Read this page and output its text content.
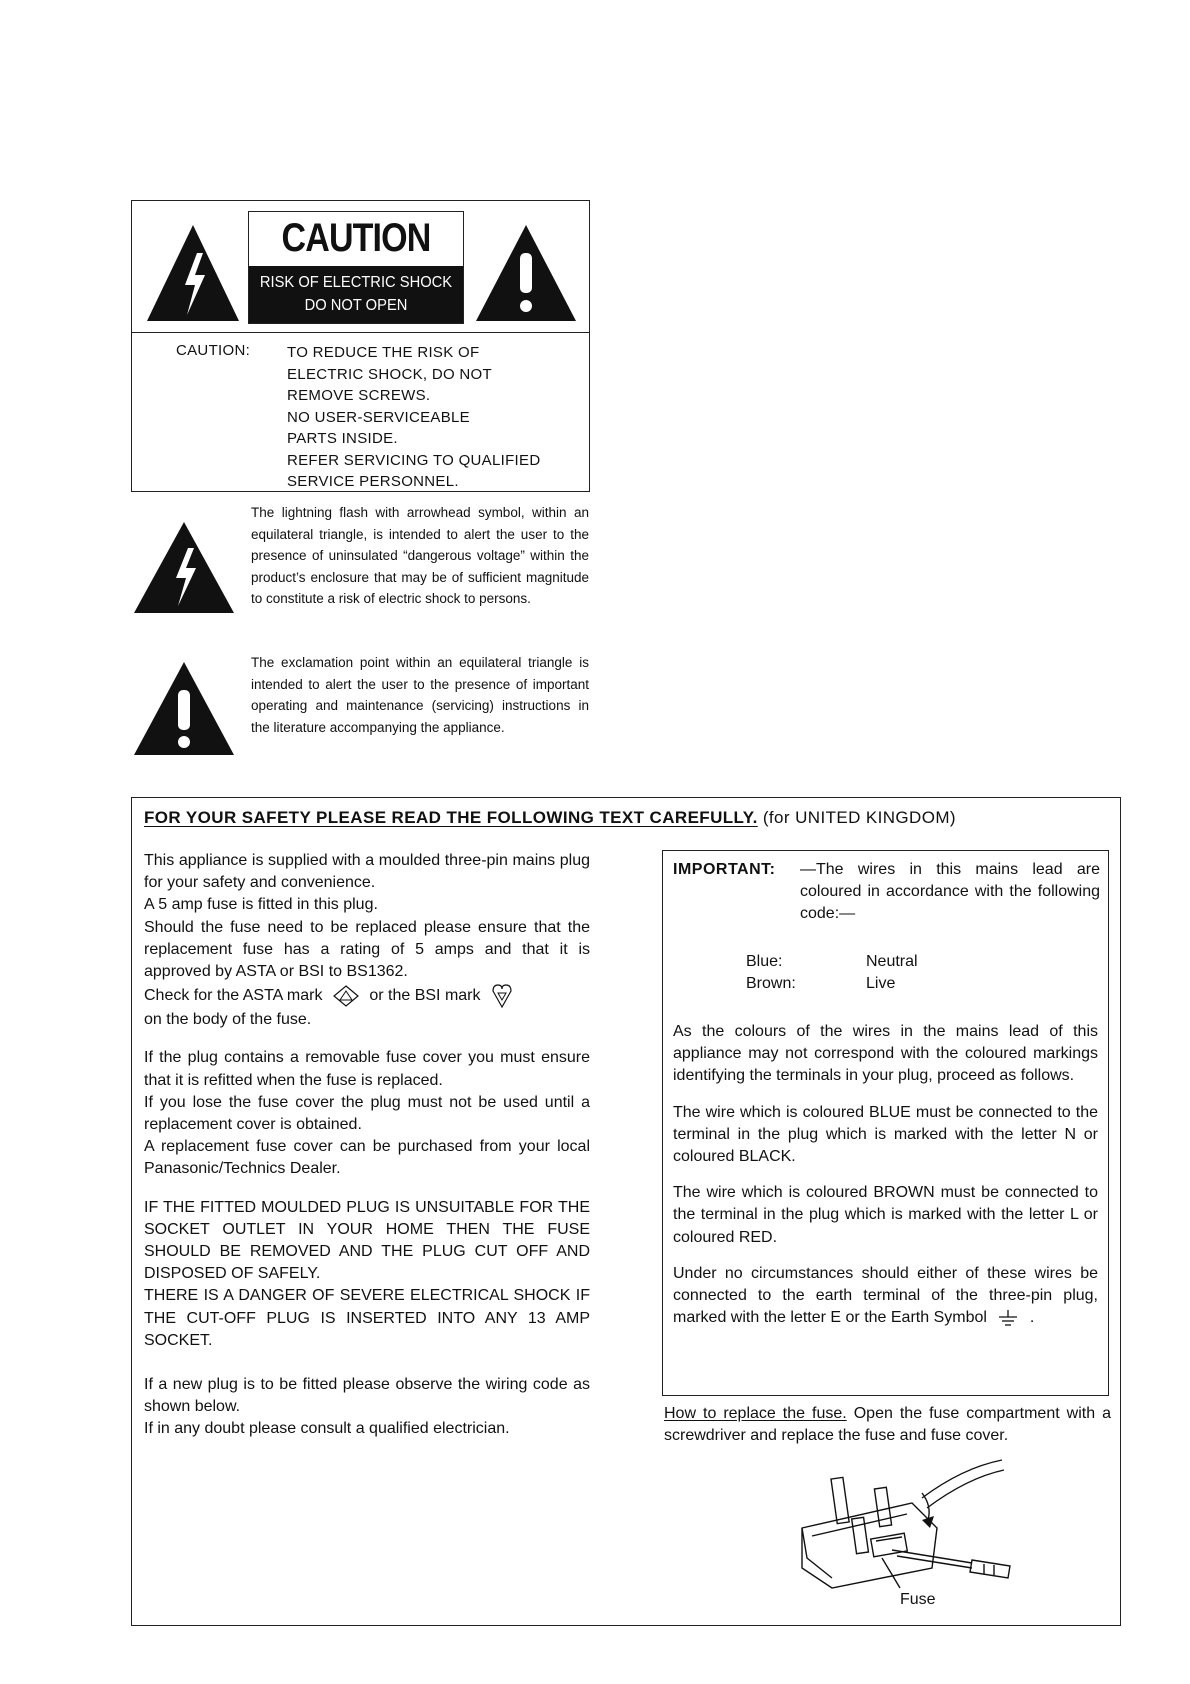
CAUTION
RISK OF ELECTRIC SHOCK
DO NOT OPEN
CAUTION: TO REDUCE THE RISK OF
ELECTRIC SHOCK, DO NOT
REMOVE SCREWS.
NO USER-SERVICEABLE
PARTS INSIDE.
REFER SERVICING TO QUALIFIED
SERVICE PERSONNEL.
The lightning flash with arrowhead symbol, within an equilateral triangle, is intended to alert the user to the presence of uninsulated “dangerous voltage” within the product’s enclosure that may be of sufficient magnitude to constitute a risk of electric shock to persons.
The exclamation point within an equilateral triangle is intended to alert the user to the presence of important operating and maintenance (servicing) instructions in the literature accompanying the appliance.
FOR YOUR SAFETY PLEASE READ THE FOLLOWING TEXT CAREFULLY. (for UNITED KINGDOM)

This appliance is supplied with a moulded three-pin mains plug for your safety and convenience.
A 5 amp fuse is fitted in this plug.
Should the fuse need to be replaced please ensure that the replacement fuse has a rating of 5 amps and that it is approved by ASTA or BSI to BS1362.
Check for the ASTA mark	or the BSI mark
on the body of the fuse.

If the plug contains a removable fuse cover you must ensure that it is refitted when the fuse is replaced.
If you lose the fuse cover the plug must not be used until a replacement cover is obtained.
A replacement fuse cover can be purchased from your local Panasonic/Technics Dealer.

IF THE FITTED MOULDED PLUG IS UNSUITABLE FOR THE SOCKET OUTLET IN YOUR HOME THEN THE FUSE SHOULD BE REMOVED AND THE PLUG CUT OFF AND DISPOSED OF SAFELY.
THERE IS A DANGER OF SEVERE ELECTRICAL SHOCK IF THE CUT-OFF PLUG IS INSERTED INTO ANY 13 AMP SOCKET.

If a new plug is to be fitted please observe the wiring code as shown below.
If in any doubt please consult a qualified electrician.

IMPORTANT: —The wires in this mains lead are coloured in accordance with the following code:—
Blue:
Brown:
Neutral
Live

As the colours of the wires in the mains lead of this appliance may not correspond with the coloured markings identifying the terminals in your plug, proceed as follows.

The wire which is coloured BLUE must be connected to the terminal in the plug which is marked with the letter N or coloured BLACK.

The wire which is coloured BROWN must be connected to the terminal in the plug which is marked with the letter L or coloured RED.

Under no circumstances should either of these wires be connected to the earth terminal of the three-pin plug, marked with the letter E or the Earth Symbol	.

How to replace the fuse. Open the fuse compartment with a screwdriver and replace the fuse and fuse cover.
Fuse
